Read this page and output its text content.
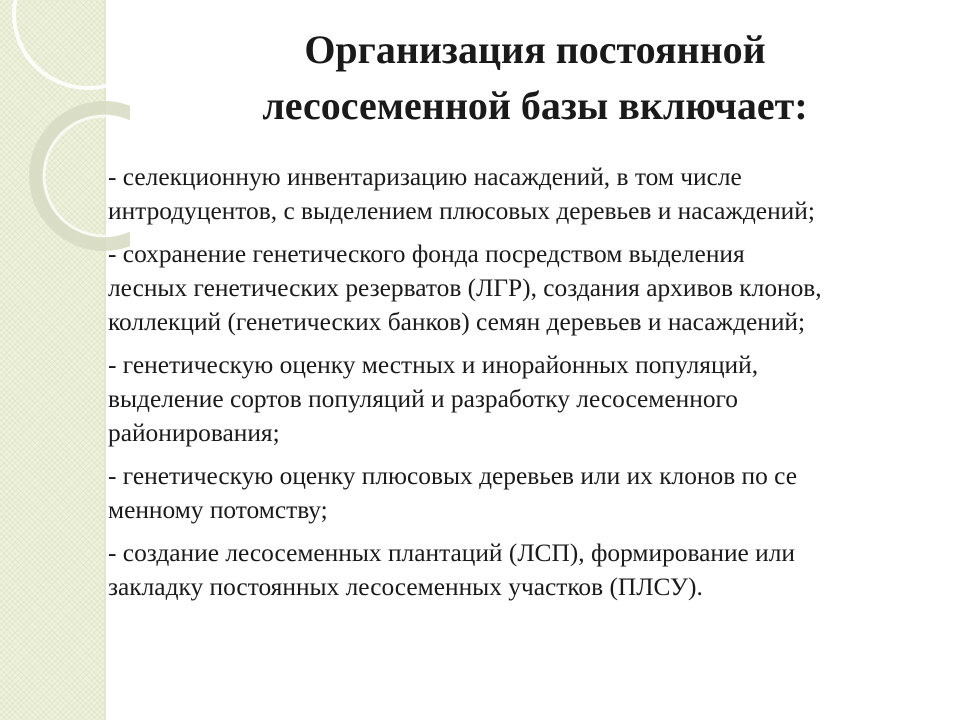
Организация постоянной
лесосеменной базы включает:
- селекционную инвентаризацию насаждений, в том числе
интродуцентов, с выделением плюсовых деревьев и насаждений;
- сохранение генетического фонда посредством выделения
лесных генетических резерватов (ЛГР), создания архивов клонов,
коллекций (генетических банков) семян деревьев и насаждений;
- генетическую оценку местных и инорайонных популяций,
выделение сортов популяций и разработку лесосеменного
районирования;
- генетическую оценку плюсовых деревьев или их клонов по се
менному потомству;
- создание лесосеменных плантаций (ЛСП), формирование или
закладку постоянных лесосеменных участков (ПЛСУ).
